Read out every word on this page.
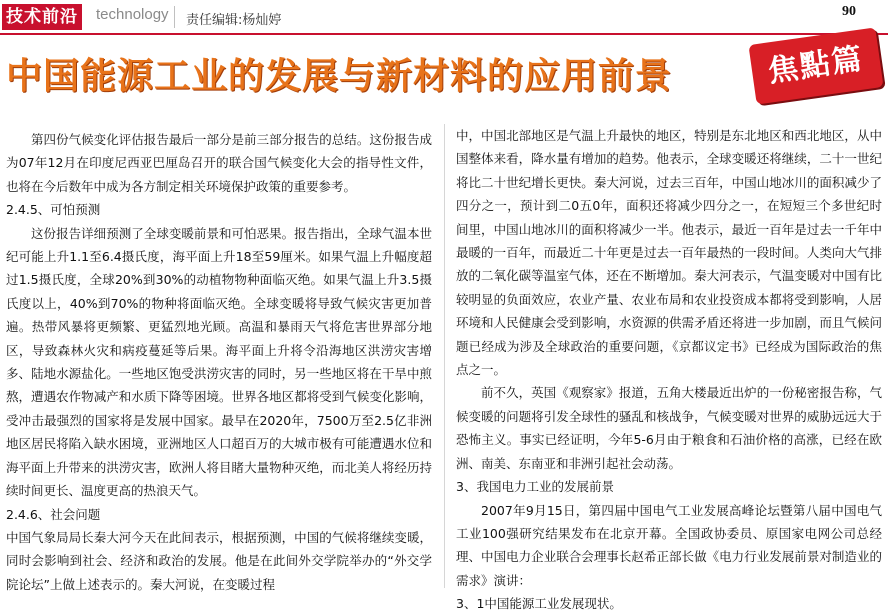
技术前沿 technology 责任编辑:杨灿婷
90
中国能源工业的发展与新材料的应用前景	焦點篇

第四份气候变化评估报告最后一部分是前三部分报告的总结。这份报告成为07年12月在印度尼西亚巴厘岛召开的联合国气候变化大会的指导性文件，也将在今后数年中成为各方制定相关环境保护政策的重要参考。

2.4.5、可怕预测

这份报告详细预测了全球变暖前景和可怕恶果。报告指出，全球气温本世纪可能上升1.1至6.4摄氏度，海平面上升18至59厘米。如果气温上升幅度超过1.5摄氏度，全球20%到30%的动植物物种面临灭绝。如果气温上升3.5摄氏度以上，40%到70%的物种将面临灭绝。全球变暖将导致气候灾害更加普遍。热带风暴将更频繁、更猛烈地光顾。高温和暴雨天气将危害世界部分地区，导致森林火灾和病疫蔓延等后果。海平面上升将令沿海地区洪涝灾害增多、陆地水源盐化。一些地区饱受洪涝灾害的同时，另一些地区将在干旱中煎熬，遭遇农作物减产和水质下降等困境。世界各地区都将受到气候变化影响，受冲击最强烈的国家将是发展中国家。最早在2020年，7500万至2.5亿非洲地区居民将陷入缺水困境，亚洲地区人口超百万的大城市极有可能遭遇水位和海平面上升带来的洪涝灾害，欧洲人将目睹大量物种灭绝，而北美人将经历持续时间更长、温度更高的热浪天气。

2.4.6、社会问题

中国气象局局长秦大河今天在此间表示，根据预测，中国的气候将继续变暖，同时会影响到社会、经济和政治的发展。他是在此间外交学院举办的“外交学院论坛”上做上述表示的。秦大河说，在变暖过程

中，中国北部地区是气温上升最快的地区，特别是东北地区和西北地区，从中国整体来看，降水量有增加的趋势。他表示，全球变暖还将继续，二十一世纪将比二十世纪增长更快。秦大河说，过去三百年，中国山地冰川的面积减少了四分之一，预计到二0五0年，面积还将减少四分之一，在短短三个多世纪时间里，中国山地冰川的面积将减少一半。他表示，最近一百年是过去一千年中最暖的一百年，而最近二十年更是过去一百年最热的一段时间。人类向大气排放的二氧化碳等温室气体，还在不断增加。秦大河表示，气温变暖对中国有比较明显的负面效应，农业产量、农业布局和农业投资成本都将受到影响，人居环境和人民健康会受到影响，水资源的供需矛盾还将进一步加剧，而且气候问题已经成为涉及全球政治的重要问题，《京都议定书》已经成为国际政治的焦点之一。

前不久，英国《观察家》报道，五角大楼最近出炉的一份秘密报告称，气候变暖的问题将引发全球性的骚乱和核战争，气候变暖对世界的威胁远远大于恐怖主义。事实已经证明，今年5-6月由于粮食和石油价格的高涨，已经在欧洲、南美、东南亚和非洲引起社会动荡。

3、我国电力工业的发展前景

2007年9月15日，第四届中国电气工业发展高峰论坛暨第八届中国电气工业100强研究结果发布在北京开幕。全国政协委员、原国家电网公司总经理、中国电力企业联合会理事长赵希正部长做《电力行业发展前景对制造业的需求》演讲：

3、1中国能源工业发展现状。
